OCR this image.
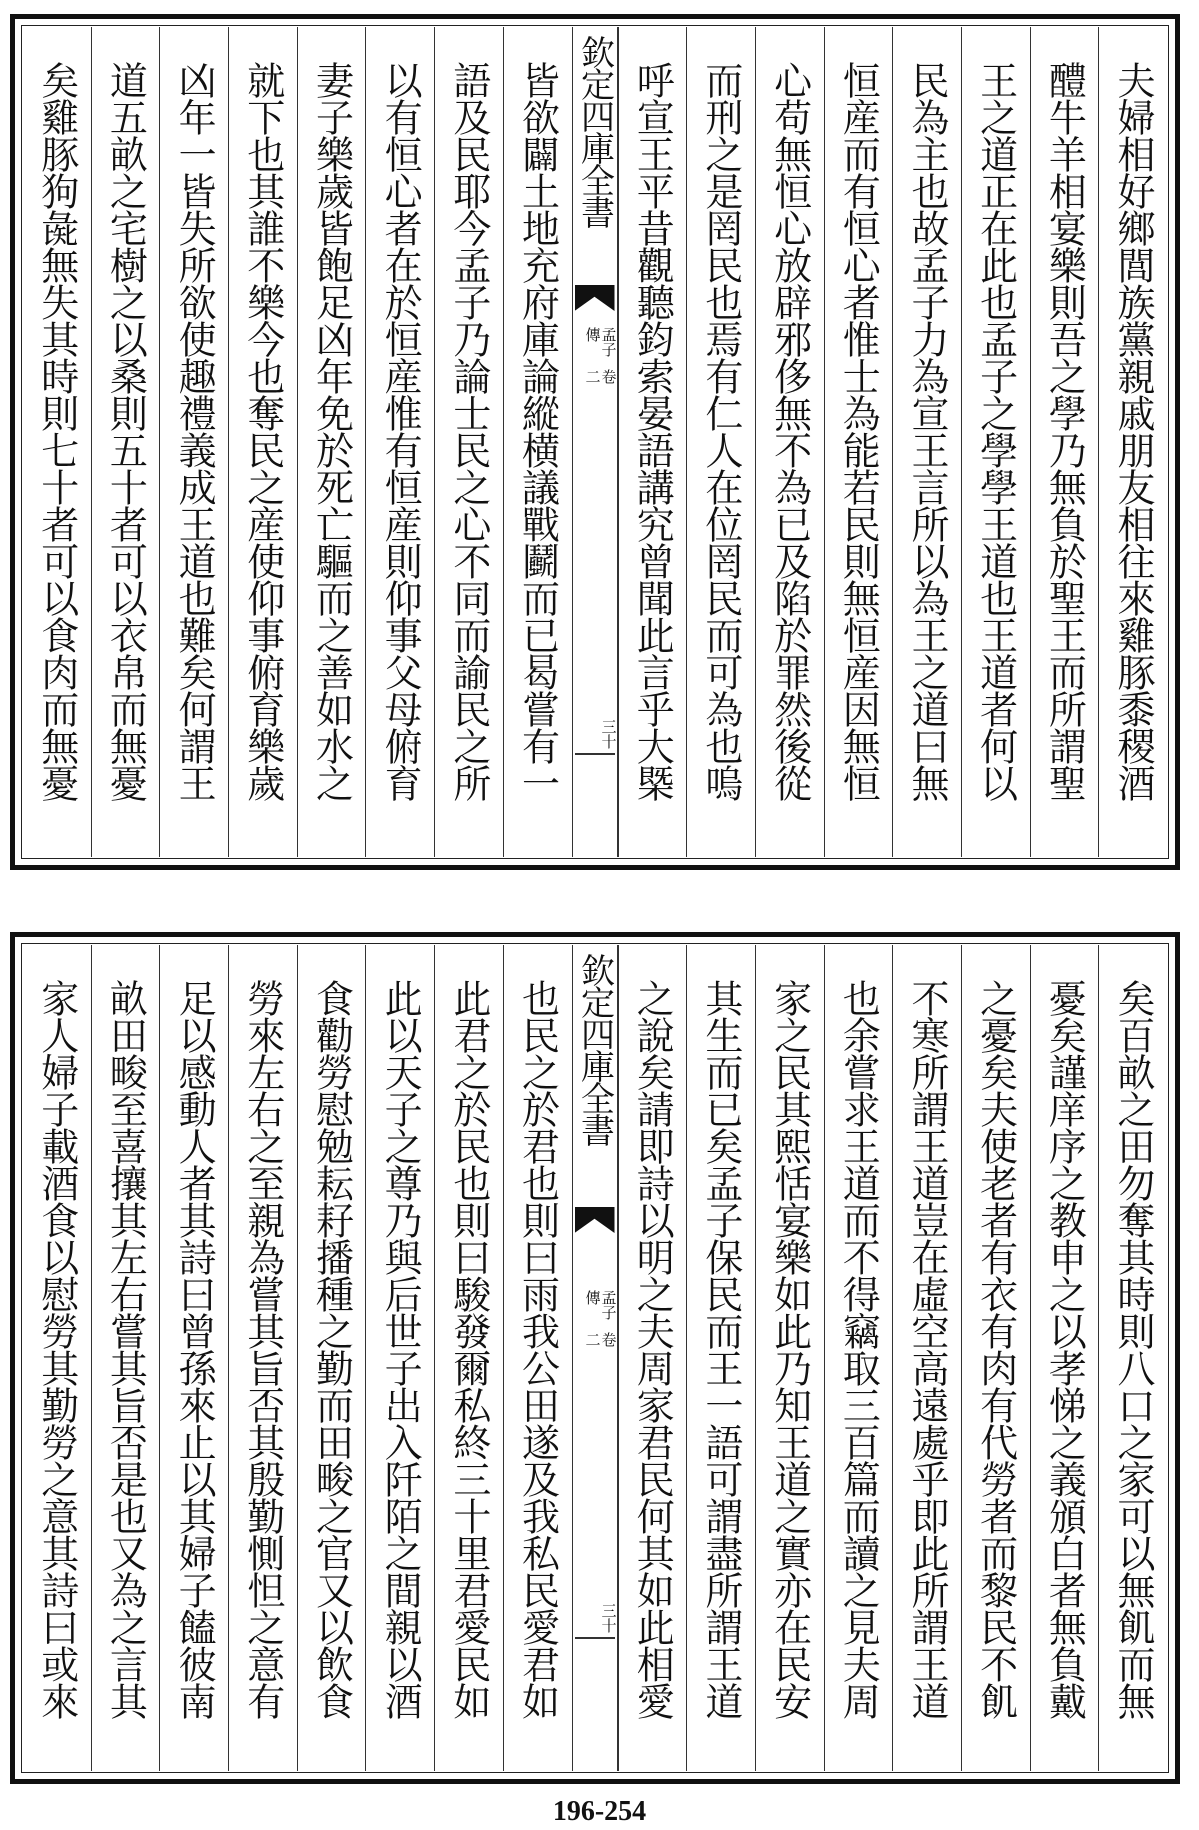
夫婦相好鄉閭族黨親戚朋友相往來雞豚黍稷酒
醴牛羊相宴樂則吾之學乃無負於聖王而所謂聖
王之道正在此也孟子之學學王道也王道者何以
民為主也故孟子力為宣王言所以為王之道曰無
恒産而有恒心者惟士為能若民則無恒産因無恒
心苟無恒心放辟邪侈無不為已及陷於罪然後從
而刑之是罔民也焉有仁人在位罔民而可為也嗚
呼宣王平昔觀聽鈞索晏語講究曾聞此言乎大槩
欽定四庫全書
孟子傳
卷二
三十
皆欲闢土地充府庫論縱横議戰鬬而已曷嘗有一
語及民耶今孟子乃論士民之心不同而諭民之所
以有恒心者在於恒産惟有恒産則仰事父母俯育
妻子樂歲皆飽足凶年免於死亡驅而之善如水之
就下也其誰不樂今也奪民之産使仰事俯育樂歲
凶年一皆失所欲使趣禮義成王道也難矣何謂王
道五畝之宅樹之以桑則五十者可以衣帛而無憂
矣雞豚狗彘無失其時則七十者可以食肉而無憂
矣百畝之田勿奪其時則八口之家可以無飢而無
憂矣謹庠序之教申之以孝悌之義頒白者無負戴
之憂矣夫使老者有衣有肉有代勞者而黎民不飢
不寒所謂王道豈在虛空高遠處乎即此所謂王道
也余嘗求王道而不得竊取三百篇而讀之見夫周
家之民其熙恬宴樂如此乃知王道之實亦在民安
其生而已矣孟子保民而王一語可謂盡所謂王道
之說矣請即詩以明之夫周家君民何其如此相愛
欽定四庫全書
孟子傳
卷二
三十
也民之於君也則曰雨我公田遂及我私民愛君如
此君之於民也則曰駿發爾私終三十里君愛民如
此以天子之尊乃與后世子出入阡陌之間親以酒
食勸勞慰勉耘耔播種之勤而田畯之官又以飲食
勞來左右之至親為嘗其旨否其殷勤惻怛之意有
足以感動人者其詩曰曾孫來止以其婦子饁彼南
畝田畯至喜攘其左右嘗其旨否是也又為之言其
家人婦子載酒食以慰勞其勤勞之意其詩曰或來
196-254
